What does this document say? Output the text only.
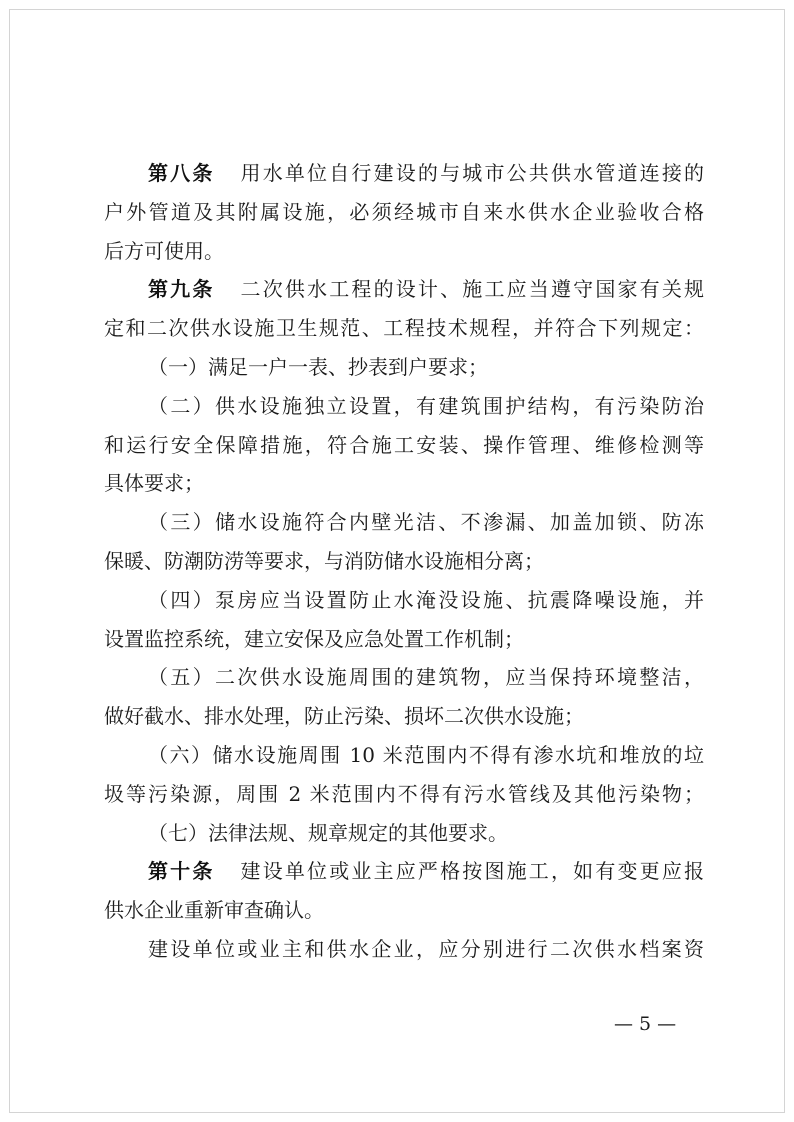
第八条 用水单位自行建设的与城市公共供水管道连接的
户外管道及其附属设施，必须经城市自来水供水企业验收合格
后方可使用。
第九条 二次供水工程的设计、施工应当遵守国家有关规
定和二次供水设施卫生规范、工程技术规程，并符合下列规定：
（一）满足一户一表、抄表到户要求；
（二）供水设施独立设置，有建筑围护结构，有污染防治
和运行安全保障措施，符合施工安装、操作管理、维修检测等
具体要求；
（三）储水设施符合内壁光洁、不渗漏、加盖加锁、防冻
保暖、防潮防涝等要求，与消防储水设施相分离；
（四）泵房应当设置防止水淹没设施、抗震降噪设施，并
设置监控系统，建立安保及应急处置工作机制；
（五）二次供水设施周围的建筑物，应当保持环境整洁，
做好截水、排水处理，防止污染、损坏二次供水设施；
（六）储水设施周围 10 米范围内不得有渗水坑和堆放的垃
圾等污染源，周围 2 米范围内不得有污水管线及其他污染物；
（七）法律法规、规章规定的其他要求。
第十条 建设单位或业主应严格按图施工，如有变更应报
供水企业重新审查确认。
建设单位或业主和供水企业，应分别进行二次供水档案资
— 5 —
